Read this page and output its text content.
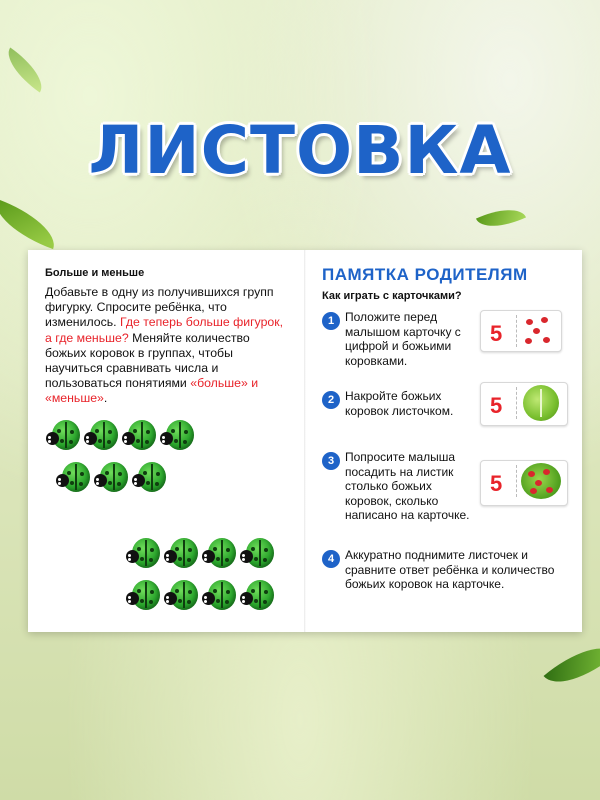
ЛИСТОВКА
Больше и меньше
Добавьте в одну из получившихся групп фигурку. Спросите ребёнка, что изменилось. Где теперь больше фигурок, а где меньше? Меняйте количество божьих коровок в группах, чтобы научиться сравнивать числа и пользоваться понятиями «больше» и «меньше».
ПАМЯТКА РОДИТЕЛЯМ
Как играть с карточками?
1 Положите перед малышом карточку с цифрой и божьими коровками.
5
2 Накройте божьих коровок листочком.	5
3 Попросите малыша посадить на листик столько божьих коровок, сколько написано на карточке.
5
4 Аккуратно поднимите листочек и сравните ответ ребёнка и количество божьих коровок на карточке.
